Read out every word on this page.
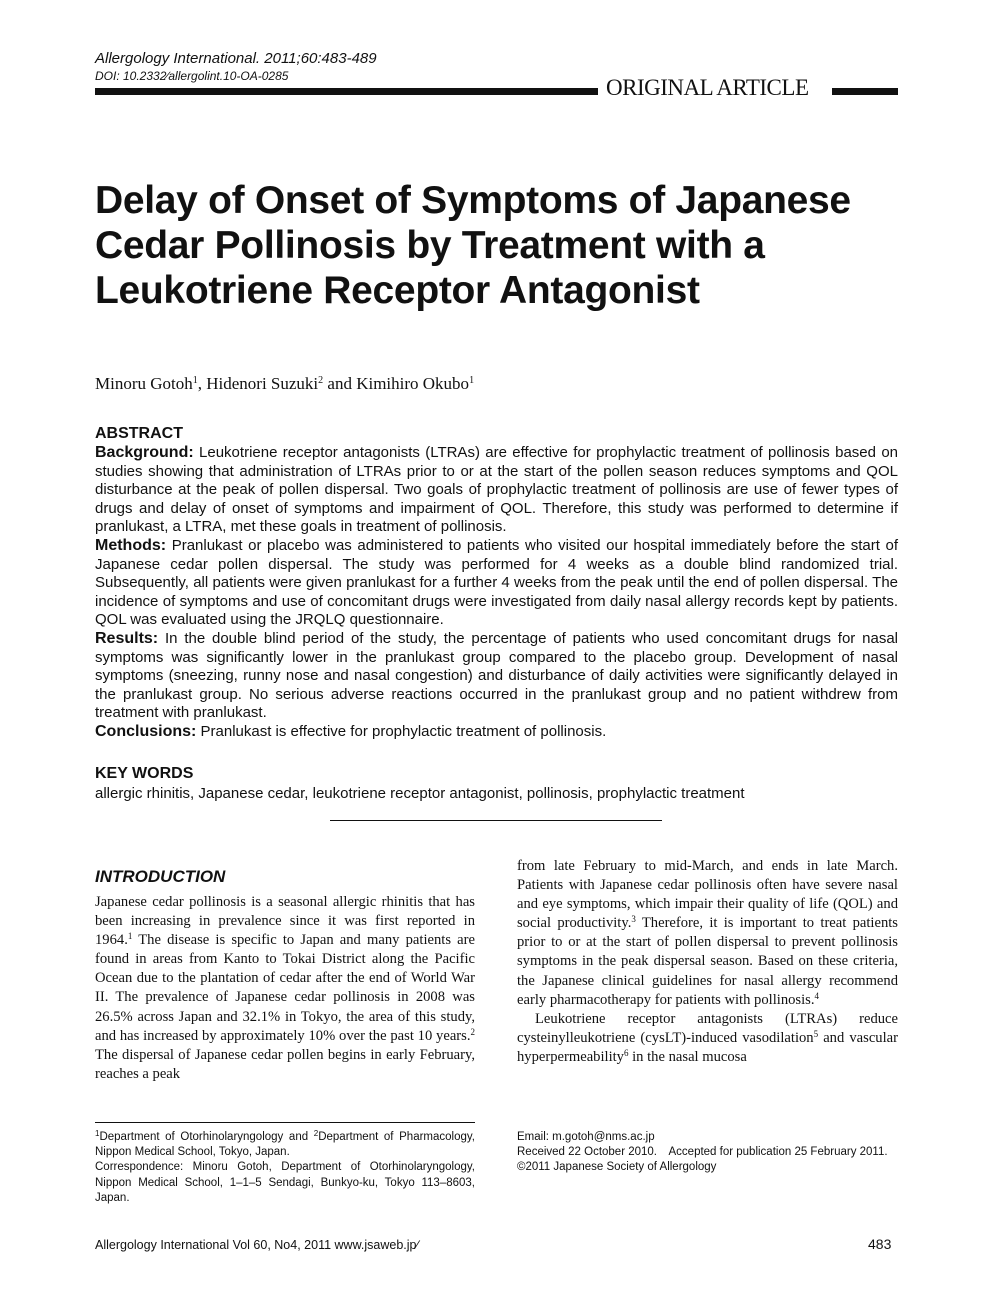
Allergology International. 2011;60:483-489
DOI: 10.2332∕allergolint.10-OA-0285	ORIGINAL ARTICLE
Delay of Onset of Symptoms of Japanese Cedar Pollinosis by Treatment with a Leukotriene Receptor Antagonist
Minoru Gotoh$^1$, Hidenori Suzuki$^2$ and Kimihiro Okubo$^1$
ABSTRACT

Background: Leukotriene receptor antagonists (LTRAs) are effective for prophylactic treatment of pollinosis based on studies showing that administration of LTRAs prior to or at the start of the pollen season reduces symptoms and QOL disturbance at the peak of pollen dispersal. Two goals of prophylactic treatment of pollinosis are use of fewer types of drugs and delay of onset of symptoms and impairment of QOL. Therefore, this study was performed to determine if pranlukast, a LTRA, met these goals in treatment of pollinosis.

Methods: Pranlukast or placebo was administered to patients who visited our hospital immediately before the start of Japanese cedar pollen dispersal. The study was performed for 4 weeks as a double blind randomized trial. Subsequently, all patients were given pranlukast for a further 4 weeks from the peak until the end of pollen dispersal. The incidence of symptoms and use of concomitant drugs were investigated from daily nasal allergy records kept by patients. QOL was evaluated using the JRQLQ questionnaire.

Results: In the double blind period of the study, the percentage of patients who used concomitant drugs for nasal symptoms was significantly lower in the pranlukast group compared to the placebo group. Development of nasal symptoms (sneezing, runny nose and nasal congestion) and disturbance of daily activities were significantly delayed in the pranlukast group. No serious adverse reactions occurred in the pranlukast group and no patient withdrew from treatment with pranlukast.

Conclusions: Pranlukast is effective for prophylactic treatment of pollinosis.

KEY WORDS
allergic rhinitis, Japanese cedar, leukotriene receptor antagonist, pollinosis, prophylactic treatment
INTRODUCTION

Japanese cedar pollinosis is a seasonal allergic rhinitis that has been increasing in prevalence since it was first reported in 1964.$^1$ The disease is specific to Japan and many patients are found in areas from Kanto to Tokai District along the Pacific Ocean due to the plantation of cedar after the end of World War II. The prevalence of Japanese cedar pollinosis in 2008 was 26.5% across Japan and 32.1% in Tokyo, the area of this study, and has increased by approximately 10% over the past 10 years.$^2$ The dispersal of Japanese cedar pollen begins in early February, reaches a peak

from late February to mid-March, and ends in late March. Patients with Japanese cedar pollinosis often have severe nasal and eye symptoms, which impair their quality of life (QOL) and social productivity.$^3$ Therefore, it is important to treat patients prior to or at the start of pollen dispersal to prevent pollinosis symptoms in the peak dispersal season. Based on these criteria, the Japanese clinical guidelines for nasal allergy recommend early pharmacotherapy for patients with pollinosis.$^4$

Leukotriene receptor antagonists (LTRAs) reduce cysteinylleukotriene (cysLT)-induced vasodilation$^5$ and vascular hyperpermeability$^6$ in the nasal mucosa

$^1$Department of Otorhinolaryngology and $^2$Department of Pharmacology, Nippon Medical School, Tokyo, Japan.

Correspondence: Minoru Gotoh, Department of Otorhinolaryngology, Nippon Medical School, 1–1–5 Sendagi, Bunkyo-ku, Tokyo 113–8603, Japan.

Email: m.gotoh@nms.ac.jp

Received 22 October 2010. Accepted for publication 25 February 2011.

©2011 Japanese Society of Allergology

Allergology International Vol 60, No4, 2011 www.jsaweb.jp∕	483
